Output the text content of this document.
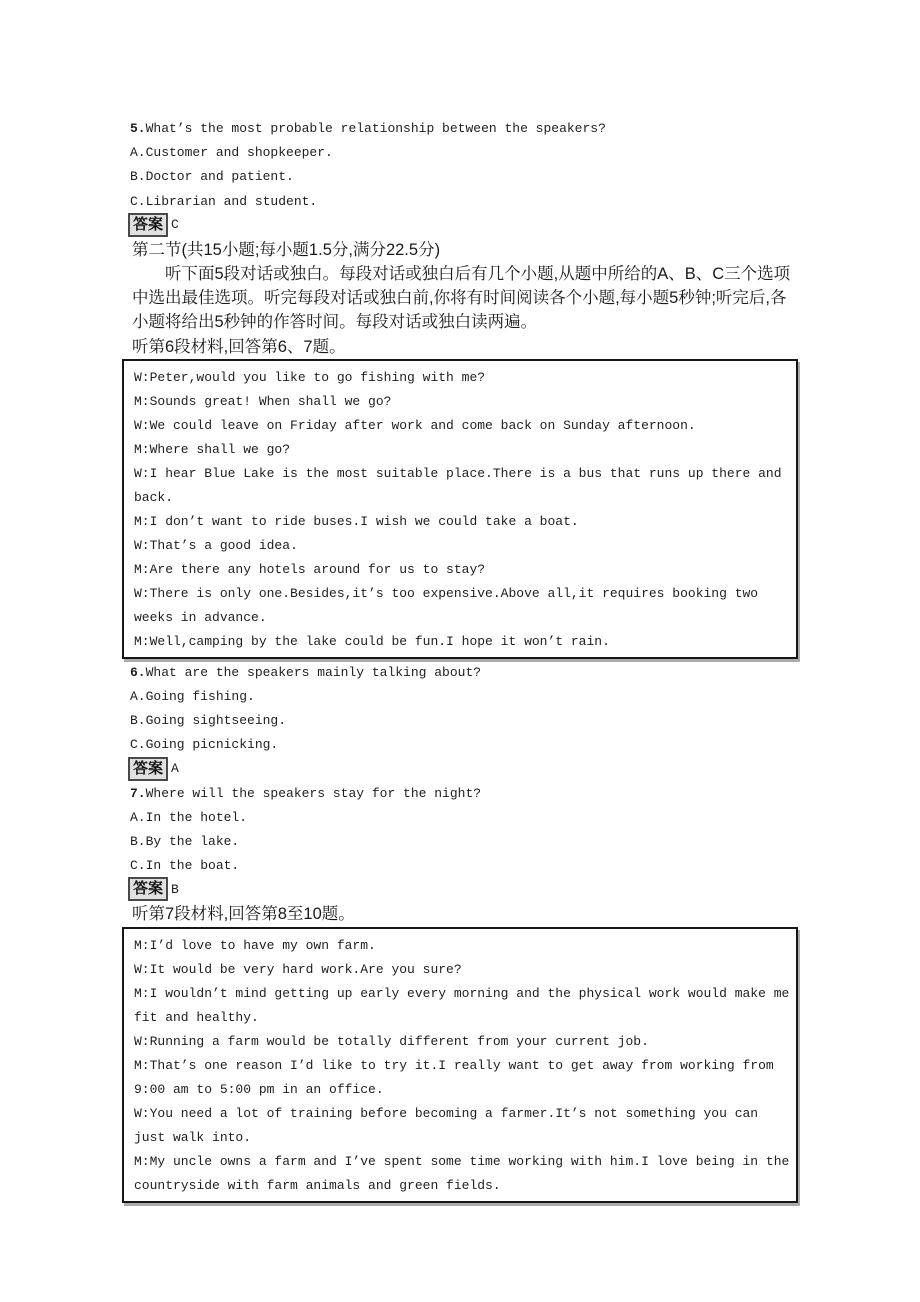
5.What’s the most probable relationship between the speakers?
A.Customer and shopkeeper.
B.Doctor and patient.
C.Librarian and student.
答案 C
第二节(共15小题;每小题1.5分,满分22.5分)
听下面5段对话或独白。每段对话或独白后有几个小题,从题中所给的A、B、C三个选项中选出最佳选项。听完每段对话或独白前,你将有时间阅读各个小题,每小题5秒钟;听完后,各小题将给出5秒钟的作答时间。每段对话或独白读两遍。
听第6段材料,回答第6、7题。

W:Peter,would you like to go fishing with me?

M:Sounds great! When shall we go?

W:We could leave on Friday after work and come back on Sunday afternoon.

M:Where shall we go?

W:I hear Blue Lake is the most suitable place.There is a bus that runs up there and back.

M:I don’t want to ride buses.I wish we could take a boat.

W:That’s a good idea.

M:Are there any hotels around for us to stay?

W:There is only one.Besides,it’s too expensive.Above all,it requires booking two weeks in advance.

M:Well,camping by the lake could be fun.I hope it won’t rain.

6.What are the speakers mainly talking about?
A.Going fishing.
B.Going sightseeing.
C.Going picnicking.
答案 A
7.Where will the speakers stay for the night?
A.In the hotel.
B.By the lake.
C.In the boat.
答案 B
听第7段材料,回答第8至10题。

M:I’d love to have my own farm.

W:It would be very hard work.Are you sure?

M:I wouldn’t mind getting up early every morning and the physical work would make me fit and healthy.

W:Running a farm would be totally different from your current job.

M:That’s one reason I’d like to try it.I really want to get away from working from 9:00 am to 5:00 pm in an office.

W:You need a lot of training before becoming a farmer.It’s not something you can just walk into.

M:My uncle owns a farm and I’ve spent some time working with him.I love being in the countryside with farm animals and green fields.
